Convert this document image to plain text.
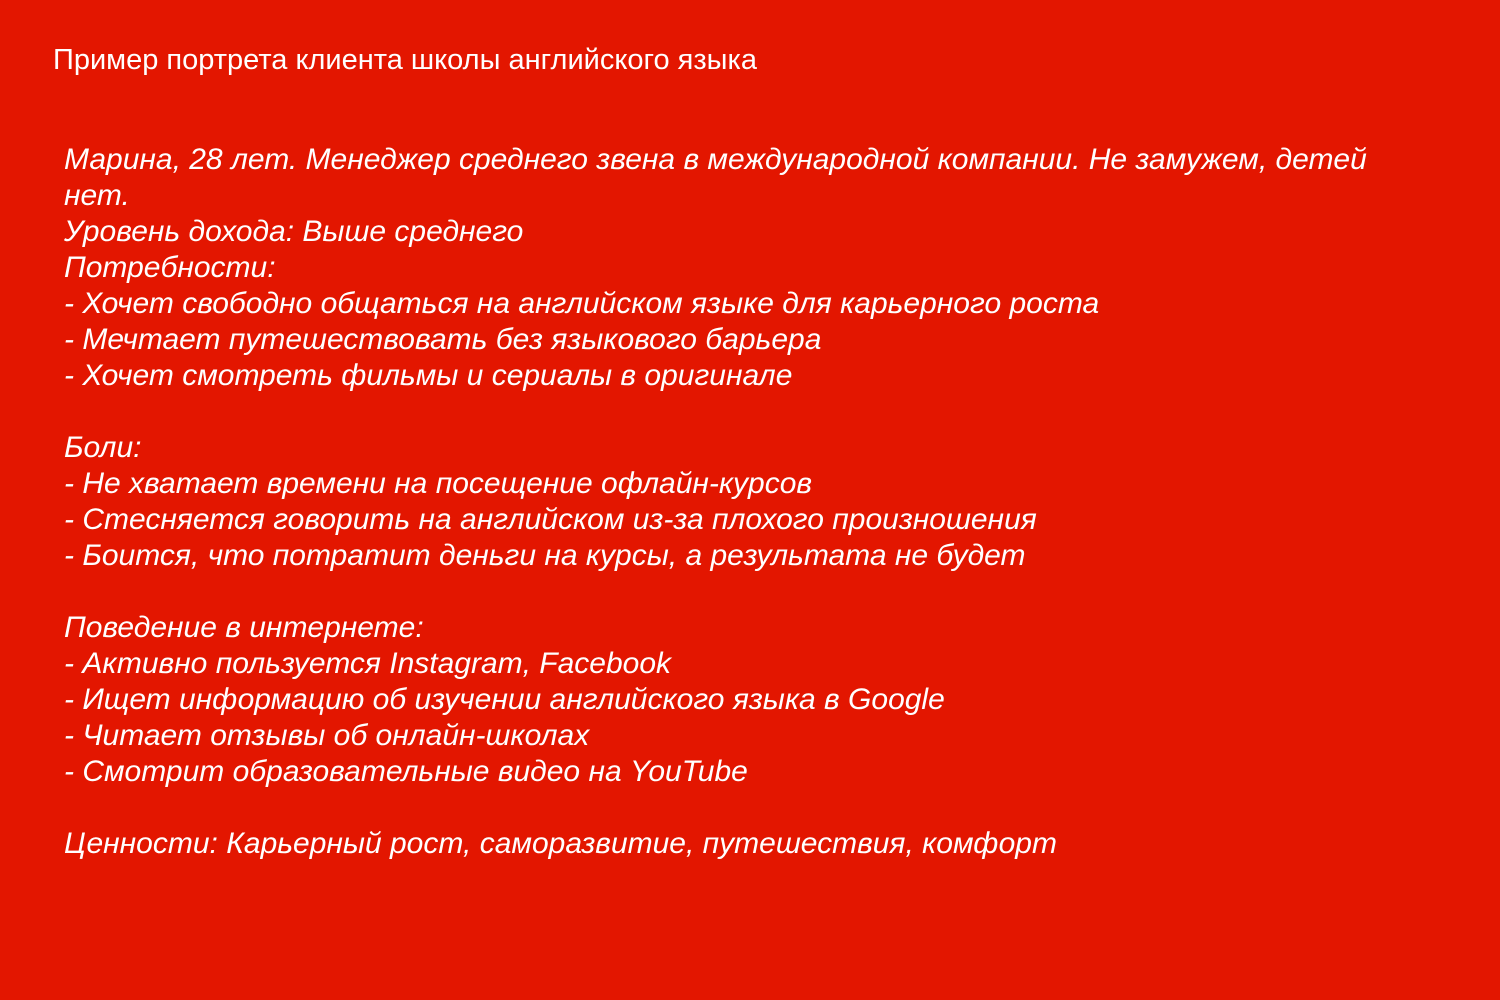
Пример портрета клиента школы английского языка

Марина, 28 лет. Менеджер среднего звена в международной компании. Не замужем, детей нет.

Уровень дохода: Выше среднего

Потребности:
- Хочет свободно общаться на английском языке для карьерного роста
- Мечтает путешествовать без языкового барьера
- Хочет смотреть фильмы и сериалы в оригинале
Боли:
- Не хватает времени на посещение офлайн-курсов
- Стесняется говорить на английском из-за плохого произношения
- Боится, что потратит деньги на курсы, а результата не будет
Поведение в интернете:
- Активно пользуется Instagram, Facebook
- Ищет информацию об изучении английского языка в Google
- Читает отзывы об онлайн-школах
- Смотрит образовательные видео на YouTube

Ценности: Карьерный рост, саморазвитие, путешествия, комфорт
